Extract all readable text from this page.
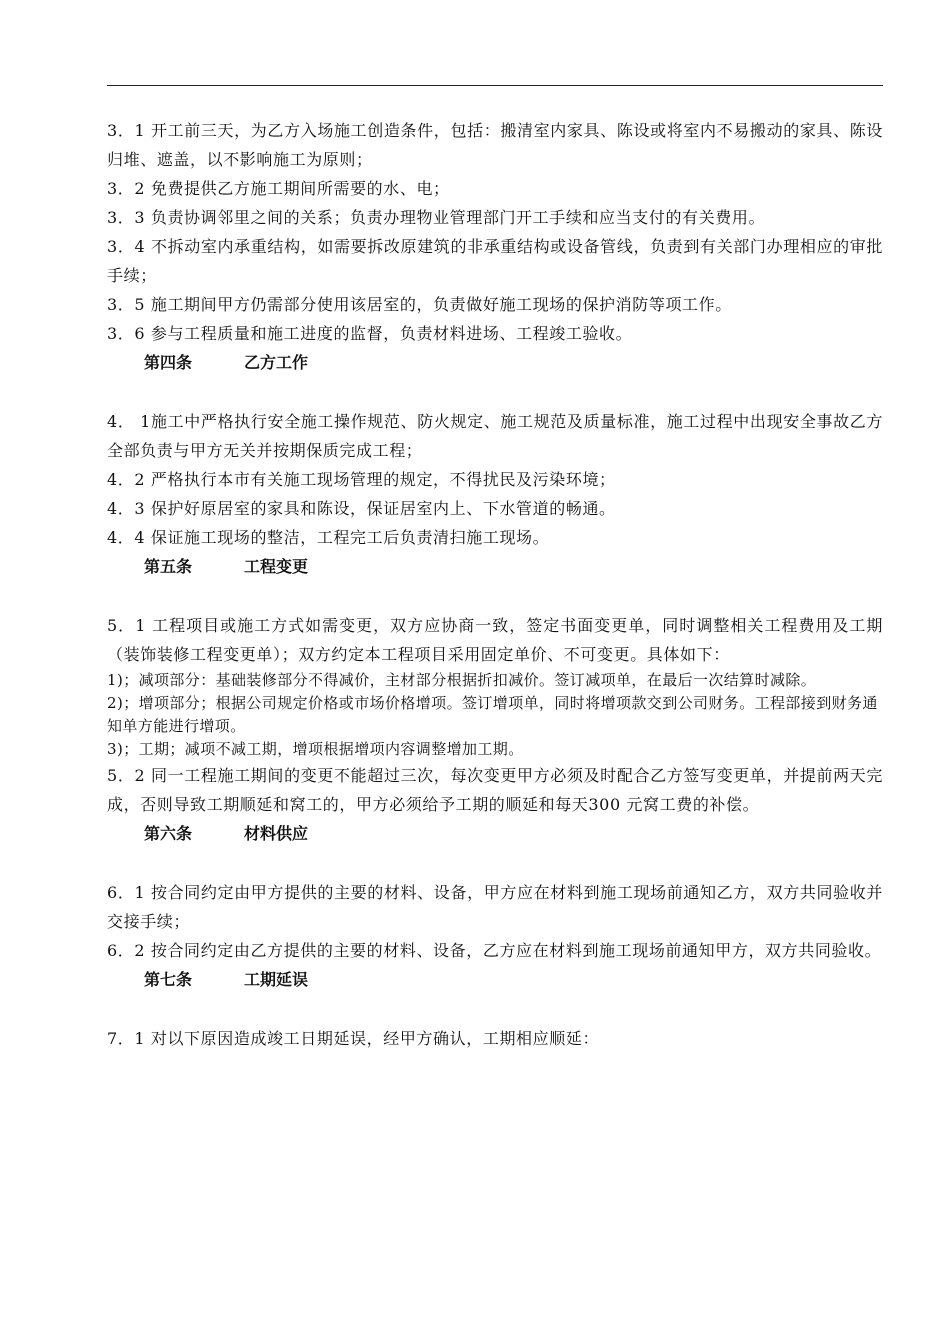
3．1 开工前三天，为乙方入场施工创造条件，包括：搬清室内家具、陈设或将室内不易搬动的家具、陈设归堆、遮盖，以不影响施工为原则；

3．2 免费提供乙方施工期间所需要的水、电；

3．3 负责协调邻里之间的关系；负责办理物业管理部门开工手续和应当支付的有关费用。

3．4 不拆动室内承重结构，如需要拆改原建筑的非承重结构或设备管线，负责到有关部门办理相应的审批手续；

3．5 施工期间甲方仍需部分使用该居室的，负责做好施工现场的保护消防等项工作。

3．6 参与工程质量和施工进度的监督，负责材料进场、工程竣工验收。

第四条	乙方工作

4． 1施工中严格执行安全施工操作规范、防火规定、施工规范及质量标准，施工过程中出现安全事故乙方全部负责与甲方无关并按期保质完成工程；

4．2 严格执行本市有关施工现场管理的规定，不得扰民及污染环境；

4．3 保护好原居室的家具和陈设，保证居室内上、下水管道的畅通。

4．4 保证施工现场的整洁，工程完工后负责清扫施工现场。

第五条	工程变更

5．1 工程项目或施工方式如需变更，双方应协商一致，签定书面变更单，同时调整相关工程费用及工期（装饰装修工程变更单）；双方约定本工程项目采用固定单价、不可变更。具体如下：

1)；减项部分：基础装修部分不得减价，主材部分根据折扣减价。签订减项单，在最后一次结算时减除。

2)；增项部分；根据公司规定价格或市场价格增项。签订增项单，同时将增项款交到公司财务。工程部接到财务通知单方能进行增项。

3)；工期；减项不减工期，增项根据增项内容调整增加工期。

5．2 同一工程施工期间的变更不能超过三次，每次变更甲方必须及时配合乙方签写变更单，并提前两天完成，否则导致工期顺延和窝工的，甲方必须给予工期的顺延和每天300 元窝工费的补偿。

第六条	材料供应

6．1 按合同约定由甲方提供的主要的材料、设备，甲方应在材料到施工现场前通知乙方，双方共同验收并交接手续；

6．2 按合同约定由乙方提供的主要的材料、设备，乙方应在材料到施工现场前通知甲方，双方共同验收。

第七条	工期延误

7．1 对以下原因造成竣工日期延误，经甲方确认，工期相应顺延：
